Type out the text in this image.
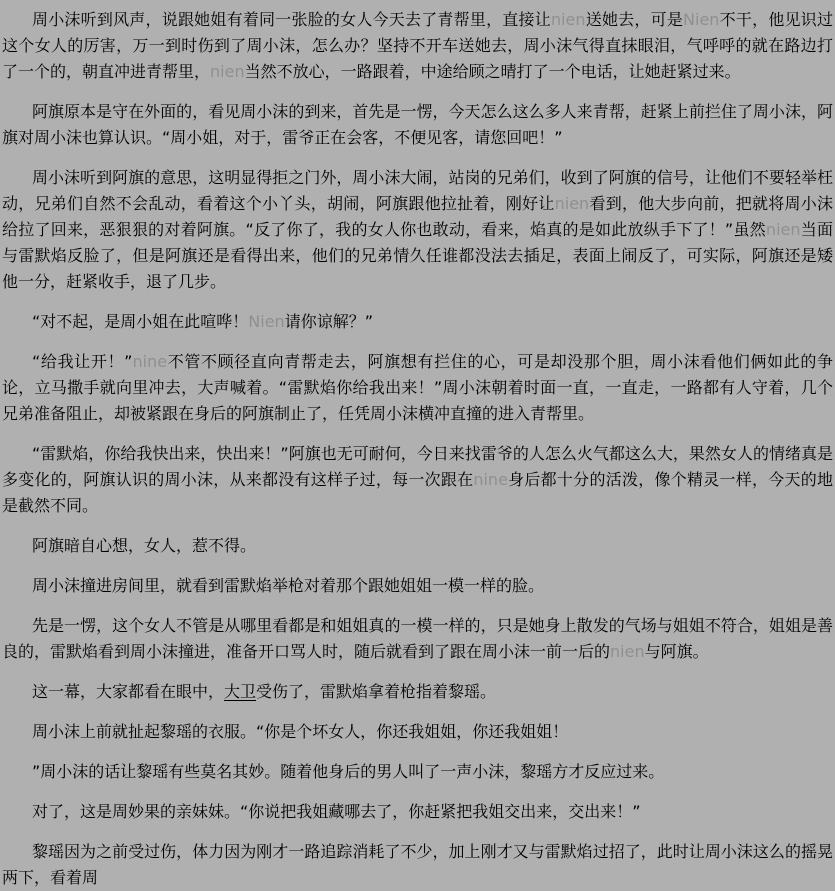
周小沫听到风声，说跟她姐有着同一张脸的女人今天去了青帮里，直接让nien送她去，可是Nien不干，他见识过这个女人的厉害，万一到时伤到了周小沫，怎么办？坚持不开车送她去，周小沫气得直抹眼泪，气呼呼的就在路边打了一个的，朝直冲进青帮里，nien当然不放心，一路跟着，中途给顾之晴打了一个电话，让她赶紧过来。

阿旗原本是守在外面的，看见周小沫的到来，首先是一愣，今天怎么这么多人来青帮，赶紧上前拦住了周小沫，阿旗对周小沫也算认识。“周小姐，对于，雷爷正在会客，不便见客，请您回吧！”

周小沫听到阿旗的意思，这明显得拒之门外，周小沫大闹，站岗的兄弟们，收到了阿旗的信号，让他们不要轻举枉动，兄弟们自然不会乱动，看着这个小丫头，胡闹，阿旗跟他拉扯着，刚好让nien看到，他大步向前，把就将周小沫给拉了回来，恶狠狠的对着阿旗。“反了你了，我的女人你也敢动，看来，焰真的是如此放纵手下了！”虽然nien当面与雷默焰反脸了，但是阿旗还是看得出来，他们的兄弟情久任谁都没法去插足，表面上闹反了，可实际，阿旗还是矮他一分，赶紧收手，退了几步。

“对不起，是周小姐在此喧哗！Nien请你谅解？”

“给我让开！”nine不管不顾径直向青帮走去，阿旗想有拦住的心，可是却没那个胆，周小沫看他们俩如此的争论，立马撒手就向里冲去，大声喊着。“雷默焰你给我出来！”周小沫朝着时面一直，一直走，一路都有人守着，几个兄弟准备阻止，却被紧跟在身后的阿旗制止了，任凭周小沫横冲直撞的进入青帮里。

“雷默焰，你给我快出来，快出来！”阿旗也无可耐何，今日来找雷爷的人怎么火气都这么大，果然女人的情绪真是多变化的，阿旗认识的周小沫，从来都没有这样子过，每一次跟在nine身后都十分的活泼，像个精灵一样，今天的地是截然不同。

阿旗暗自心想，女人，惹不得。

周小沫撞进房间里，就看到雷默焰举枪对着那个跟她姐姐一模一样的脸。

先是一愣，这个女人不管是从哪里看都是和姐姐真的一模一样的，只是她身上散发的气场与姐姐不符合，姐姐是善良的，雷默焰看到周小沫撞进，准备开口骂人时，随后就看到了跟在周小沫一前一后的nien与阿旗。

这一幕，大家都看在眼中，大卫受伤了，雷默焰拿着枪指着黎瑶。

周小沫上前就扯起黎瑶的衣服。“你是个坏女人，你还我姐姐，你还我姐姐！

”周小沫的话让黎瑶有些莫名其妙。随着他身后的男人叫了一声小沫，黎瑶方才反应过来。

对了，这是周妙果的亲妹妹。“你说把我姐藏哪去了，你赶紧把我姐交出来，交出来！”

黎瑶因为之前受过伤，体力因为刚才一路追踪消耗了不少，加上刚才又与雷默焰过招了，此时让周小沫这么的摇晃两下，看着周
